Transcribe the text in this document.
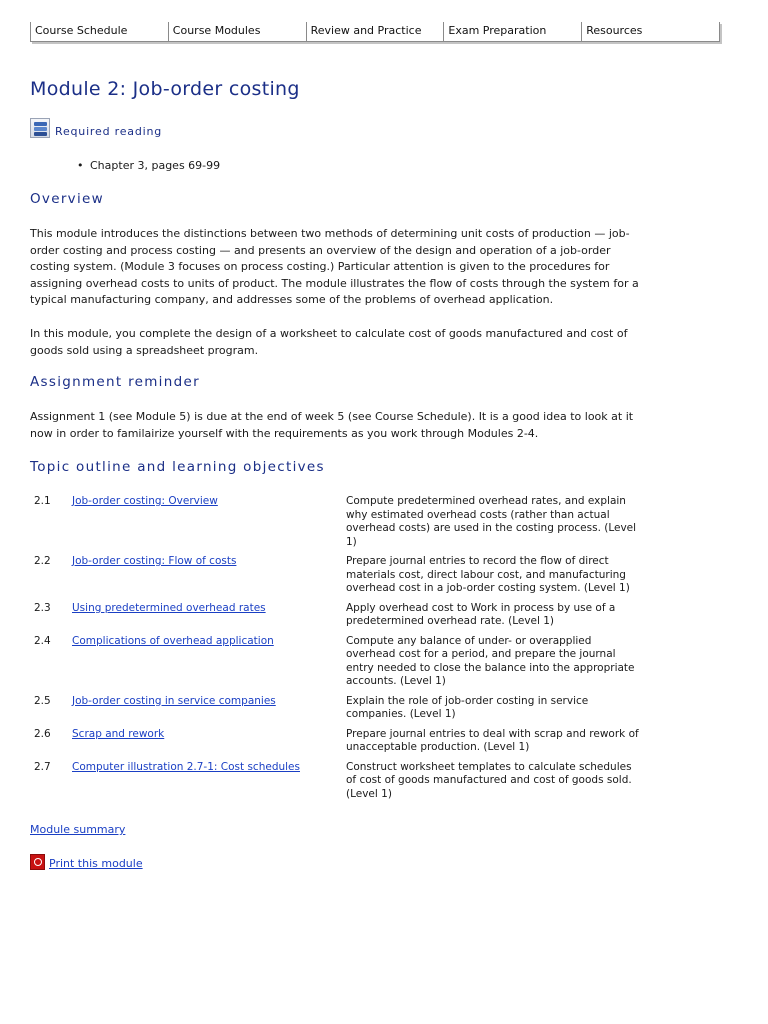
Course Schedule	Course Modules	Review and Practice	Exam Preparation	Resources
Module 2: Job-order costing
Required reading
• Chapter 3, pages 69-99
Overview

This module introduces the distinctions between two methods of determining unit costs of production — job-order costing and process costing — and presents an overview of the design and operation of a job-order costing system. (Module 3 focuses on process costing.) Particular attention is given to the procedures for assigning overhead costs to units of product. The module illustrates the flow of costs through the system for a typical manufacturing company, and addresses some of the problems of overhead application.

In this module, you complete the design of a worksheet to calculate cost of goods manufactured and cost of goods sold using a spreadsheet program.

Assignment reminder

Assignment 1 (see Module 5) is due at the end of week 5 (see Course Schedule). It is a good idea to look at it now in order to familairize yourself with the requirements as you work through Modules 2-4.

Topic outline and learning objectives
2.1	Job-order costing: Overview	Compute predetermined overhead rates, and explain why estimated overhead costs (rather than actual overhead costs) are used in the costing process. (Level 1)
2.2	Job-order costing: Flow of costs	Prepare journal entries to record the flow of direct materials cost, direct labour cost, and manufacturing overhead cost in a job-order costing system. (Level 1)
2.3	Using predetermined overhead rates	Apply overhead cost to Work in process by use of a predetermined overhead rate. (Level 1)
2.4	Complications of overhead application	Compute any balance of under- or overapplied overhead cost for a period, and prepare the journal entry needed to close the balance into the appropriate accounts. (Level 1)
2.5	Job-order costing in service companies	Explain the role of job-order costing in service companies. (Level 1)
2.6	Scrap and rework	Prepare journal entries to deal with scrap and rework of unacceptable production. (Level 1)
2.7	Computer illustration 2.7-1: Cost schedules	Construct worksheet templates to calculate schedules of cost of goods manufactured and cost of goods sold. (Level 1)
Module summary
Print this module
